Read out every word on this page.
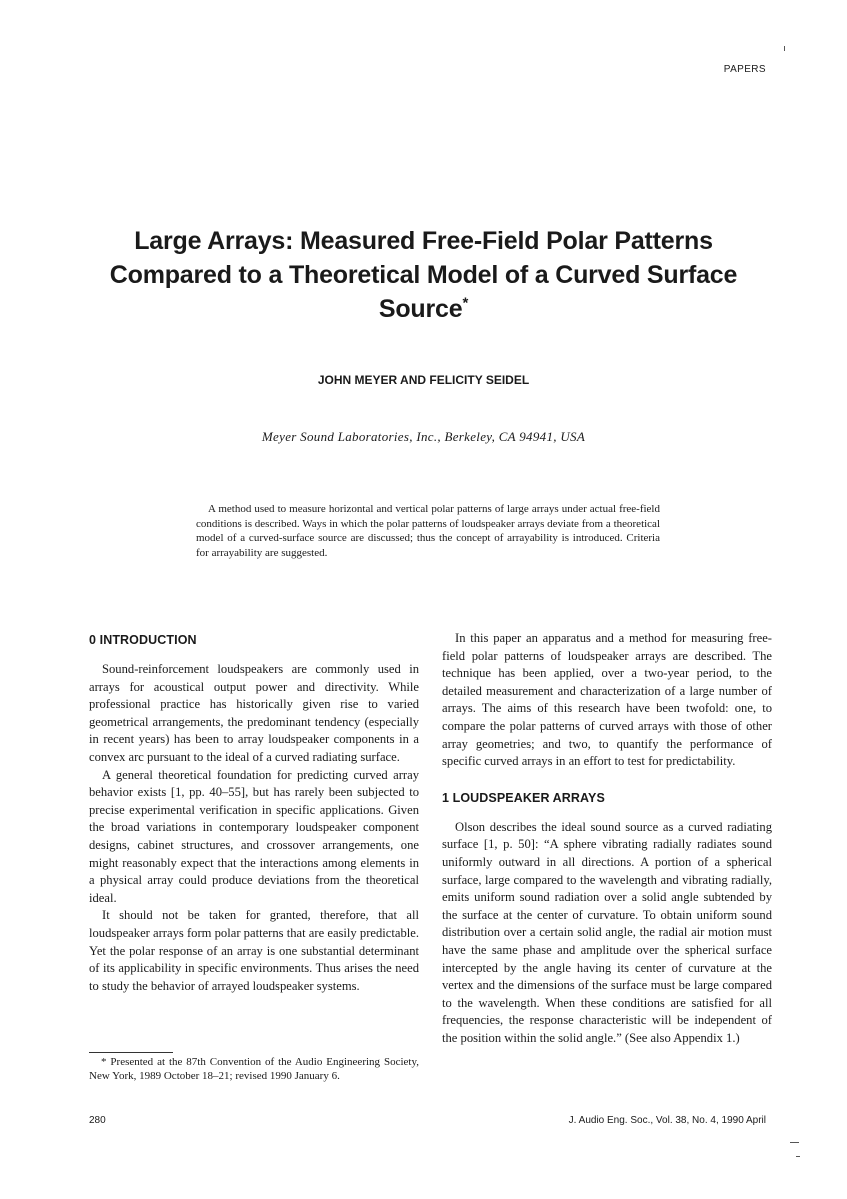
PAPERS
Large Arrays: Measured Free-Field Polar Patterns Compared to a Theoretical Model of a Curved Surface Source*
JOHN MEYER AND FELICITY SEIDEL
Meyer Sound Laboratories, Inc., Berkeley, CA 94941, USA

A method used to measure horizontal and vertical polar patterns of large arrays under actual free-field conditions is described. Ways in which the polar patterns of loudspeaker arrays deviate from a theoretical model of a curved-surface source are discussed; thus the concept of arrayability is introduced. Criteria for arrayability are suggested.

0 INTRODUCTION

Sound-reinforcement loudspeakers are commonly used in arrays for acoustical output power and directivity. While professional practice has historically given rise to varied geometrical arrangements, the predominant tendency (especially in recent years) has been to array loudspeaker components in a convex arc pursuant to the ideal of a curved radiating surface.

A general theoretical foundation for predicting curved array behavior exists [1, pp. 40–55], but has rarely been subjected to precise experimental verification in specific applications. Given the broad variations in contemporary loudspeaker component designs, cabinet structures, and crossover arrangements, one might reasonably expect that the interactions among elements in a physical array could produce deviations from the theoretical ideal.

It should not be taken for granted, therefore, that all loudspeaker arrays form polar patterns that are easily predictable. Yet the polar response of an array is one substantial determinant of its applicability in specific environments. Thus arises the need to study the behavior of arrayed loudspeaker systems.

In this paper an apparatus and a method for measuring free-field polar patterns of loudspeaker arrays are described. The technique has been applied, over a two-year period, to the detailed measurement and characterization of a large number of arrays. The aims of this research have been twofold: one, to compare the polar patterns of curved arrays with those of other array geometries; and two, to quantify the performance of specific curved arrays in an effort to test for predictability.

1 LOUDSPEAKER ARRAYS

Olson describes the ideal sound source as a curved radiating surface [1, p. 50]: “A sphere vibrating radially radiates sound uniformly outward in all directions. A portion of a spherical surface, large compared to the wavelength and vibrating radially, emits uniform sound radiation over a solid angle subtended by the surface at the center of curvature. To obtain uniform sound distribution over a certain solid angle, the radial air motion must have the same phase and amplitude over the spherical surface intercepted by the angle having its center of curvature at the vertex and the dimensions of the surface must be large compared to the wavelength. When these conditions are satisfied for all frequencies, the response characteristic will be independent of the position within the solid angle.” (See also Appendix 1.)

* Presented at the 87th Convention of the Audio Engineering Society, New York, 1989 October 18–21; revised 1990 January 6.

280	J. Audio Eng. Soc., Vol. 38, No. 4, 1990 April
